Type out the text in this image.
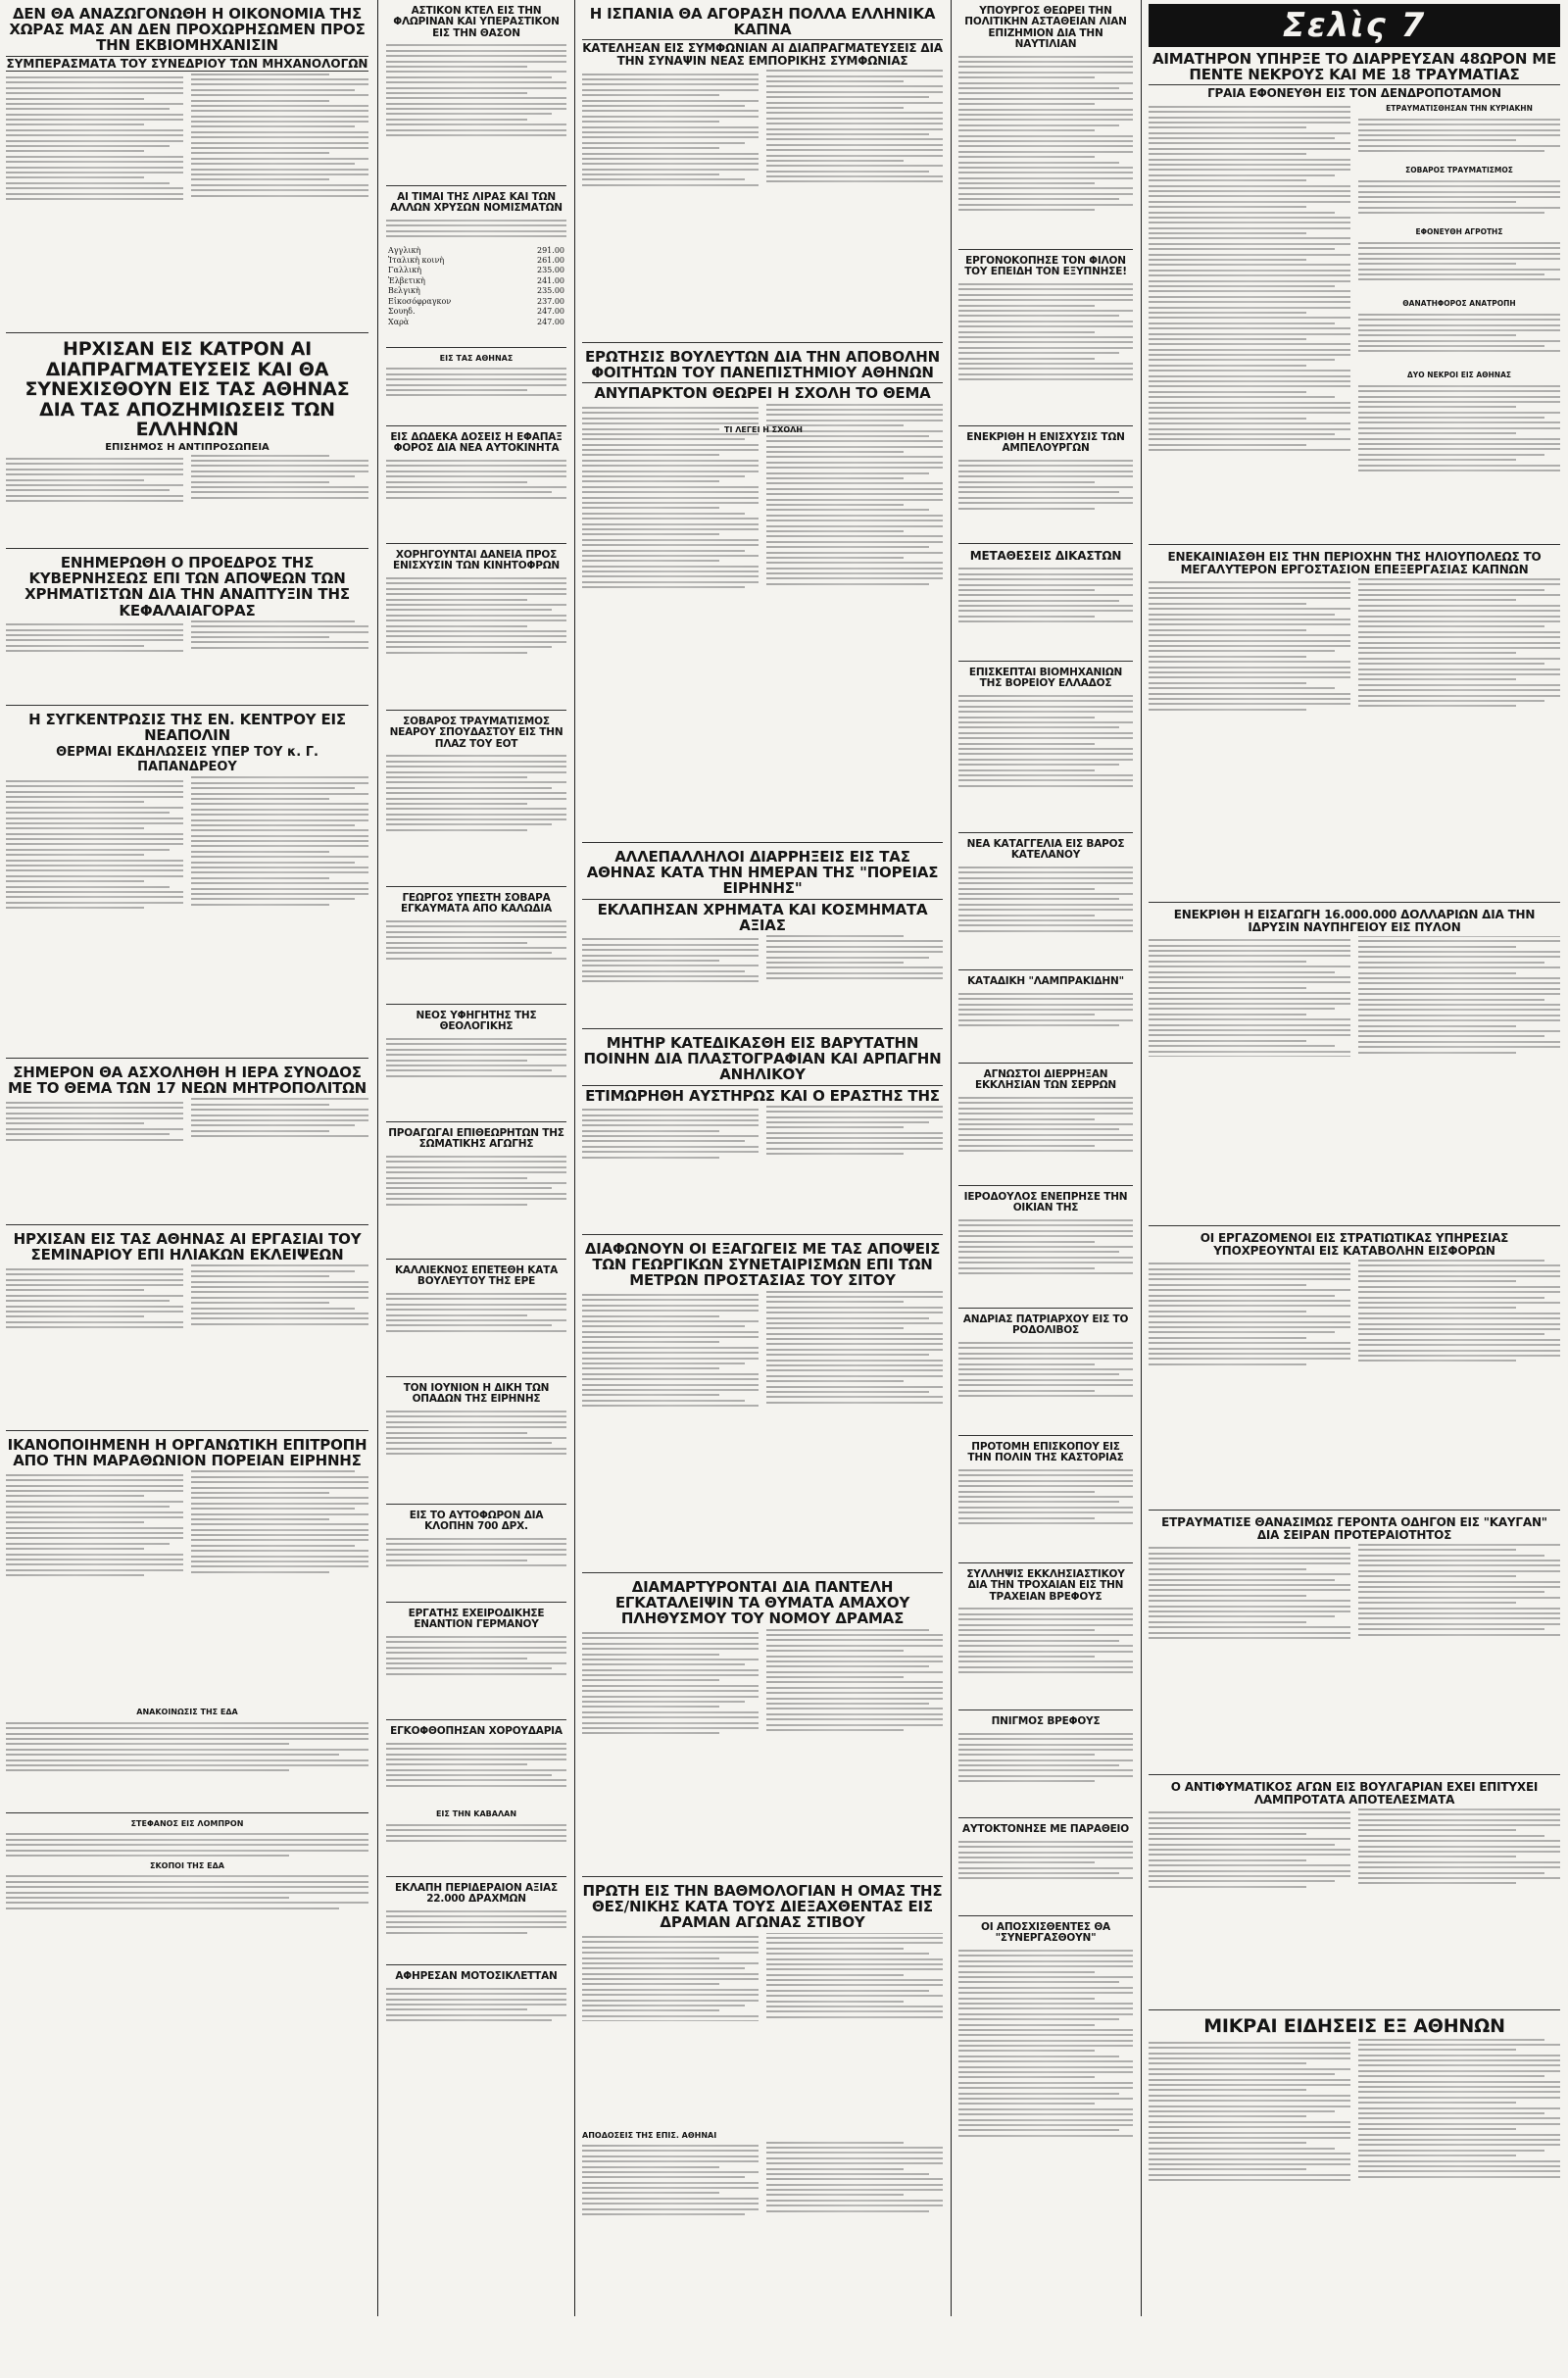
ΔΕΝ ΘΑ ΑΝΑΖΩΓΟΝΩΘΗ Η ΟΙΚΟΝΟΜΙΑ ΤΗΣ ΧΩΡΑΣ ΜΑΣ ΑΝ ΔΕΝ ΠΡΟΧΩΡΗΣΩΜΕΝ ΠΡΟΣ ΤΗΝ ΕΚΒΙΟΜΗΧΑΝΙΣΙΝ
ΣΥΜΠΕΡΑΣΜΑΤΑ ΤΟΥ ΣΥΝΕΔΡΙΟΥ ΤΩΝ ΜΗΧΑΝΟΛΟΓΩΝ
ΗΡΧΙΣΑΝ ΕΙΣ ΚΑΤΡΟΝ ΑΙ ΔΙΑΠΡΑΓΜΑΤΕΥΣΕΙΣ ΚΑΙ ΘΑ ΣΥΝΕΧΙΣΘΟΥΝ ΕΙΣ ΤΑΣ ΑΘΗΝΑΣ ΔΙΑ ΤΑΣ ΑΠΟΖΗΜΙΩΣΕΙΣ ΤΩΝ ΕΛΛΗΝΩΝ
ΕΠΙΣΗΜΟΣ Η ΑΝΤΙΠΡΟΣΩΠΕΙΑ
ΕΝΗΜΕΡΩΘΗ Ο ΠΡΟΕΔΡΟΣ ΤΗΣ ΚΥΒΕΡΝΗΣΕΩΣ ΕΠΙ ΤΩΝ ΑΠΟΨΕΩΝ ΤΩΝ ΧΡΗΜΑΤΙΣΤΩΝ ΔΙΑ ΤΗΝ ΑΝΑΠΤΥΞΙΝ ΤΗΣ ΚΕΦΑΛΑΙΑΓΟΡΑΣ
Η ΣΥΓΚΕΝΤΡΩΣΙΣ ΤΗΣ ΕΝ. ΚΕΝΤΡΟΥ ΕΙΣ ΝΕΑΠΟΛΙΝ
ΘΕΡΜΑΙ ΕΚΔΗΛΩΣΕΙΣ ΥΠΕΡ ΤΟΥ κ. Γ. ΠΑΠΑΝΔΡΕΟΥ
ΣΗΜΕΡΟΝ ΘΑ ΑΣΧΟΛΗΘΗ Η ΙΕΡΑ ΣΥΝΟΔΟΣ ΜΕ ΤΟ ΘΕΜΑ ΤΩΝ 17 ΝΕΩΝ ΜΗΤΡΟΠΟΛΙΤΩΝ
ΗΡΧΙΣΑΝ ΕΙΣ ΤΑΣ ΑΘΗΝΑΣ ΑΙ ΕΡΓΑΣΙΑΙ ΤΟΥ ΣΕΜΙΝΑΡΙΟΥ ΕΠΙ ΗΛΙΑΚΩΝ ΕΚΛΕΙΨΕΩΝ
ΙΚΑΝΟΠΟΙΗΜΕΝΗ Η ΟΡΓΑΝΩΤΙΚΗ ΕΠΙΤΡΟΠΗ ΑΠΟ ΤΗΝ ΜΑΡΑΘΩΝΙΟΝ ΠΟΡΕΙΑΝ ΕΙΡΗΝΗΣ
ΑΝΑΚΟΙΝΩΣΙΣ ΤΗΣ ΕΔΑ
ΣΤΕΦΑΝΟΣ ΕΙΣ ΛΟΜΠΡΟΝ
ΣΚΟΠΟΙ ΤΗΣ ΕΔΑ
ΑΣΤΙΚΟΝ ΚΤΕΛ ΕΙΣ ΤΗΝ ΦΛΩΡΙΝΑΝ ΚΑΙ ΥΠΕΡΑΣΤΙΚΟΝ ΕΙΣ ΤΗΝ ΘΑΣΟΝ
ΑΙ ΤΙΜΑΙ ΤΗΣ ΛΙΡΑΣ ΚΑΙ ΤΩΝ ΑΛΛΩΝ ΧΡΥΣΩΝ ΝΟΜΙΣΜΑΤΩΝ
Αγγλικὴ	291.00
Ἰταλικὴ κοινὴ	261.00
Γαλλικὴ	235.00
Ἑλβετικὴ	241.00
Βελγικὴ	235.00
Εἰκοσόφραγκον	237.00
Σουηδ.	247.00
Χαρὰ	247.00
ΕΙΣ ΤΑΣ ΑΘΗΝΑΣ
ΕΙΣ ΔΩΔΕΚΑ ΔΟΣΕΙΣ Η ΕΦΑΠΑΞ ΦΟΡΟΣ ΔΙΑ ΝΕΑ ΑΥΤΟΚΙΝΗΤΑ
ΧΟΡΗΓΟΥΝΤΑΙ ΔΑΝΕΙΑ ΠΡΟΣ ΕΝΙΣΧΥΣΙΝ ΤΩΝ ΚΙΝΗΤΟΦΡΩΝ
ΣΟΒΑΡΟΣ ΤΡΑΥΜΑΤΙΣΜΟΣ ΝΕΑΡΟΥ ΣΠΟΥΔΑΣΤΟΥ ΕΙΣ ΤΗΝ ΠΛΑΖ ΤΟΥ ΕΟΤ
ΓΕΩΡΓΟΣ ΥΠΕΣΤΗ ΣΟΒΑΡΑ ΕΓΚΑΥΜΑΤΑ ΑΠΟ ΚΑΛΩΔΙΑ
ΝΕΟΣ ΥΦΗΓΗΤΗΣ ΤΗΣ ΘΕΟΛΟΓΙΚΗΣ
ΠΡΟΑΓΩΓΑΙ ΕΠΙΘΕΩΡΗΤΩΝ ΤΗΣ ΣΩΜΑΤΙΚΗΣ ΑΓΩΓΗΣ
ΚΑΛΛΙΕΚΝΟΣ ΕΠΕΤΕΘΗ ΚΑΤΑ ΒΟΥΛΕΥΤΟΥ ΤΗΣ ΕΡΕ
ΤΟΝ ΙΟΥΝΙΟΝ Η ΔΙΚΗ ΤΩΝ ΟΠΑΔΩΝ ΤΗΣ ΕΙΡΗΝΗΣ
ΕΙΣ ΤΟ ΑΥΤΟΦΩΡΟΝ ΔΙΑ ΚΛΟΠΗΝ 700 ΔΡΧ.
ΕΡΓΑΤΗΣ ΕΧΕΙΡΟΔΙΚΗΣΕ ΕΝΑΝΤΙΟΝ ΓΕΡΜΑΝΟΥ
ΕΓΚΟΦΘΟΠΗΣΑΝ ΧΟΡΟΥΔΑΡΙΑ
ΕΙΣ ΤΗΝ ΚΑΒΑΛΑΝ
ΕΚΛΑΠΗ ΠΕΡΙΔΕΡΑΙΟΝ ΑΞΙΑΣ 22.000 ΔΡΑΧΜΩΝ
ΑΦΗΡΕΣΑΝ ΜΟΤΟΣΙΚΛΕΤΤΑΝ
Η ΙΣΠΑΝΙΑ ΘΑ ΑΓΟΡΑΣΗ ΠΟΛΛΑ ΕΛΛΗΝΙΚΑ ΚΑΠΝΑ
ΚΑΤΕΛΗΞΑΝ ΕΙΣ ΣΥΜΦΩΝΙΑΝ ΑΙ ΔΙΑΠΡΑΓΜΑΤΕΥΣΕΙΣ ΔΙΑ ΤΗΝ ΣΥΝΑΨΙΝ ΝΕΑΣ ΕΜΠΟΡΙΚΗΣ ΣΥΜΦΩΝΙΑΣ
ΕΡΩΤΗΣΙΣ ΒΟΥΛΕΥΤΩΝ ΔΙΑ ΤΗΝ ΑΠΟΒΟΛΗΝ ΦΟΙΤΗΤΩΝ ΤΟΥ ΠΑΝΕΠΙΣΤΗΜΙΟΥ ΑΘΗΝΩΝ
ΑΝΥΠΑΡΚΤΟΝ ΘΕΩΡΕΙ Η ΣΧΟΛΗ ΤΟ ΘΕΜΑ
ΤΙ ΛΕΓΕΙ Η ΣΧΟΛΗ
ΑΛΛΕΠΑΛΛΗΛΟΙ ΔΙΑΡΡΗΞΕΙΣ ΕΙΣ ΤΑΣ ΑΘΗΝΑΣ ΚΑΤΑ ΤΗΝ ΗΜΕΡΑΝ ΤΗΣ "ΠΟΡΕΙΑΣ ΕΙΡΗΝΗΣ"
ΕΚΛΑΠΗΣΑΝ ΧΡΗΜΑΤΑ ΚΑΙ ΚΟΣΜΗΜΑΤΑ ΑΞΙΑΣ
ΜΗΤΗΡ ΚΑΤΕΔΙΚΑΣΘΗ ΕΙΣ ΒΑΡΥΤΑΤΗΝ ΠΟΙΝΗΝ ΔΙΑ ΠΛΑΣΤΟΓΡΑΦΙΑΝ ΚΑΙ ΑΡΠΑΓΗΝ ΑΝΗΛΙΚΟΥ
ΕΤΙΜΩΡΗΘΗ ΑΥΣΤΗΡΩΣ ΚΑΙ Ο ΕΡΑΣΤΗΣ ΤΗΣ
ΔΙΑΦΩΝΟΥΝ ΟΙ ΕΞΑΓΩΓΕΙΣ ΜΕ ΤΑΣ ΑΠΟΨΕΙΣ ΤΩΝ ΓΕΩΡΓΙΚΩΝ ΣΥΝΕΤΑΙΡΙΣΜΩΝ ΕΠΙ ΤΩΝ ΜΕΤΡΩΝ ΠΡΟΣΤΑΣΙΑΣ ΤΟΥ ΣΙΤΟΥ
ΔΙΑΜΑΡΤΥΡΟΝΤΑΙ ΔΙΑ ΠΑΝΤΕΛΗ ΕΓΚΑΤΑΛΕΙΨΙΝ ΤΑ ΘΥΜΑΤΑ ΑΜΑΧΟΥ ΠΛΗΘΥΣΜΟΥ ΤΟΥ ΝΟΜΟΥ ΔΡΑΜΑΣ
ΠΡΩΤΗ ΕΙΣ ΤΗΝ ΒΑΘΜΟΛΟΓΙΑΝ Η ΟΜΑΣ ΤΗΣ ΘΕΣ/ΝΙΚΗΣ ΚΑΤΑ ΤΟΥΣ ΔΙΕΞΑΧΘΕΝΤΑΣ ΕΙΣ ΔΡΑΜΑΝ ΑΓΩΝΑΣ ΣΤΙΒΟΥ
ΑΠΟΔΟΣΕΙΣ ΤΗΣ ΕΠΙΣ. ΑΘΗΝΑΙ
ΥΠΟΥΡΓΟΣ ΘΕΩΡΕΙ ΤΗΝ ΠΟΛΙΤΙΚΗΝ ΑΣΤΑΘΕΙΑΝ ΛΙΑΝ ΕΠΙΖΗΜΙΟΝ ΔΙΑ ΤΗΝ ΝΑΥΤΙΛΙΑΝ
ΕΡΓΟΝΟΚΟΠΗΣΕ ΤΟΝ ΦΙΛΟΝ ΤΟΥ ΕΠΕΙΔΗ ΤΟΝ ΕΞΥΠΝΗΣΕ!
ΕΝΕΚΡΙΘΗ Η ΕΝΙΣΧΥΣΙΣ ΤΩΝ ΑΜΠΕΛΟΥΡΓΩΝ
ΜΕΤΑΘΕΣΕΙΣ ΔΙΚΑΣΤΩΝ
ΕΠΙΣΚΕΠΤΑΙ ΒΙΟΜΗΧΑΝΙΩΝ ΤΗΣ ΒΟΡΕΙΟΥ ΕΛΛΑΔΟΣ
ΝΕΑ ΚΑΤΑΓΓΕΛΙΑ ΕΙΣ ΒΑΡΟΣ ΚΑΤΕΛΑΝΟΥ
ΚΑΤΑΔΙΚΗ "ΛΑΜΠΡΑΚΙΔΗΝ"
ΑΓΝΩΣΤΟΙ ΔΙΕΡΡΗΞΑΝ ΕΚΚΛΗΣΙΑΝ ΤΩΝ ΣΕΡΡΩΝ
ΙΕΡΟΔΟΥΛΟΣ ΕΝΕΠΡΗΣΕ ΤΗΝ ΟΙΚΙΑΝ ΤΗΣ
ΑΝΔΡΙΑΣ ΠΑΤΡΙΑΡΧΟΥ ΕΙΣ ΤΟ ΡΟΔΟΛΙΒΟΣ
ΠΡΟΤΟΜΗ ΕΠΙΣΚΟΠΟΥ ΕΙΣ ΤΗΝ ΠΟΛΙΝ ΤΗΣ ΚΑΣΤΟΡΙΑΣ
ΣΥΛΛΗΨΙΣ ΕΚΚΛΗΣΙΑΣΤΙΚΟΥ ΔΙΑ ΤΗΝ ΤΡΟΧΑΙΑΝ ΕΙΣ ΤΗΝ ΤΡΑΧΕΙΑΝ ΒΡΕΦΟΥΣ
ΠΝΙΓΜΟΣ ΒΡΕΦΟΥΣ
ΑΥΤΟΚΤΟΝΗΣΕ ΜΕ ΠΑΡΑΘΕΙΟ
ΟΙ ΑΠΟΣΧΙΣΘΕΝΤΕΣ ΘΑ "ΣΥΝΕΡΓΑΣΘΟΥΝ"
Σελὶς 7
ΑΙΜΑΤΗΡΟΝ ΥΠΗΡΞΕ ΤΟ ΔΙΑΡΡΕΥΣΑΝ 48ΩΡΟΝ ΜΕ ΠΕΝΤΕ ΝΕΚΡΟΥΣ ΚΑΙ ΜΕ 18 ΤΡΑΥΜΑΤΙΑΣ
ΓΡΑΙΑ ΕΦΟΝΕΥΘΗ ΕΙΣ ΤΟΝ ΔΕΝΔΡΟΠΟΤΑΜΟΝ
ΕΤΡΑΥΜΑΤΙΣΘΗΣΑΝ ΤΗΝ ΚΥΡΙΑΚΗΝ
ΣΟΒΑΡΟΣ ΤΡΑΥΜΑΤΙΣΜΟΣ
ΕΦΟΝΕΥΘΗ ΑΓΡΟΤΗΣ
ΘΑΝΑΤΗΦΟΡΟΣ ΑΝΑΤΡΟΠΗ
ΔΥΟ ΝΕΚΡΟΙ ΕΙΣ ΑΘΗΝΑΣ
ΕΝΕΚΑΙΝΙΑΣΘΗ ΕΙΣ ΤΗΝ ΠΕΡΙΟΧΗΝ ΤΗΣ ΗΛΙΟΥΠΟΛΕΩΣ ΤΟ ΜΕΓΑΛΥΤΕΡΟΝ ΕΡΓΟΣΤΑΣΙΟΝ ΕΠΕΞΕΡΓΑΣΙΑΣ ΚΑΠΝΩΝ
ΕΝΕΚΡΙΘΗ Η ΕΙΣΑΓΩΓΗ 16.000.000 ΔΟΛΛΑΡΙΩΝ ΔΙΑ ΤΗΝ ΙΔΡΥΣΙΝ ΝΑΥΠΗΓΕΙΟΥ ΕΙΣ ΠΥΛΟΝ
ΟΙ ΕΡΓΑΖΟΜΕΝΟΙ ΕΙΣ ΣΤΡΑΤΙΩΤΙΚΑΣ ΥΠΗΡΕΣΙΑΣ ΥΠΟΧΡΕΟΥΝΤΑΙ ΕΙΣ ΚΑΤΑΒΟΛΗΝ ΕΙΣΦΟΡΩΝ
ΕΤΡΑΥΜΑΤΙΣΕ ΘΑΝΑΣΙΜΩΣ ΓΕΡΟΝΤΑ ΟΔΗΓΟΝ ΕΙΣ "ΚΑΥΓΑΝ" ΔΙΑ ΣΕΙΡΑΝ ΠΡΟΤΕΡΑΙΟΤΗΤΟΣ
Ο ΑΝΤΙΦΥΜΑΤΙΚΟΣ ΑΓΩΝ ΕΙΣ ΒΟΥΛΓΑΡΙΑΝ ΕΧΕΙ ΕΠΙΤΥΧΕΙ ΛΑΜΠΡΟΤΑΤΑ ΑΠΟΤΕΛΕΣΜΑΤΑ
ΜΙΚΡΑΙ ΕΙΔΗΣΕΙΣ ΕΞ ΑΘΗΝΩΝ
